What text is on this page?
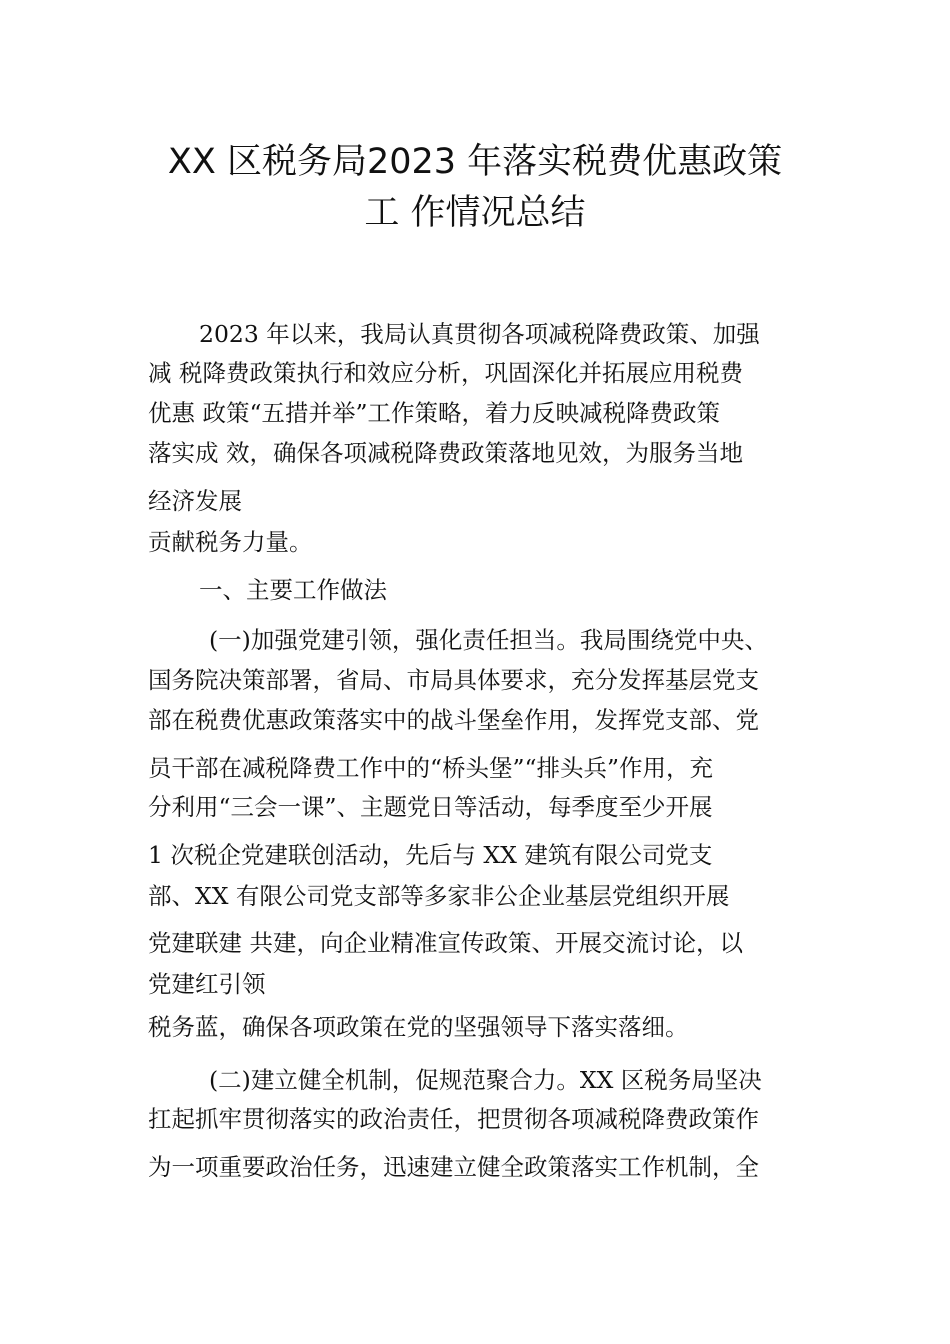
XX 区税务局2023 年落实税费优惠政策
工 作情况总结
2023 年以来，我局认真贯彻各项减税降费政策、加强
减 税降费政策执行和效应分析，巩固深化并拓展应用税费
优惠 政策“五措并举”工作策略，着力反映减税降费政策
落实成 效，确保各项减税降费政策落地见效，为服务当地
经济发展
贡献税务力量。
一、主要工作做法
(一)加强党建引领，强化责任担当。我局围绕党中央、
国务院决策部署，省局、市局具体要求，充分发挥基层党支
部在税费优惠政策落实中的战斗堡垒作用，发挥党支部、党
员干部在减税降费工作中的“桥头堡”“排头兵”作用，充
分利用“三会一课”、主题党日等活动，每季度至少开展
1 次税企党建联创活动，先后与 XX 建筑有限公司党支
部、XX 有限公司党支部等多家非公企业基层党组织开展
党建联建 共建，向企业精准宣传政策、开展交流讨论，以
党建红引领
税务蓝，确保各项政策在党的坚强领导下落实落细。
(二)建立健全机制，促规范聚合力。XX 区税务局坚决
扛起抓牢贯彻落实的政治责任，把贯彻各项减税降费政策作
为一项重要政治任务，迅速建立健全政策落实工作机制，全
